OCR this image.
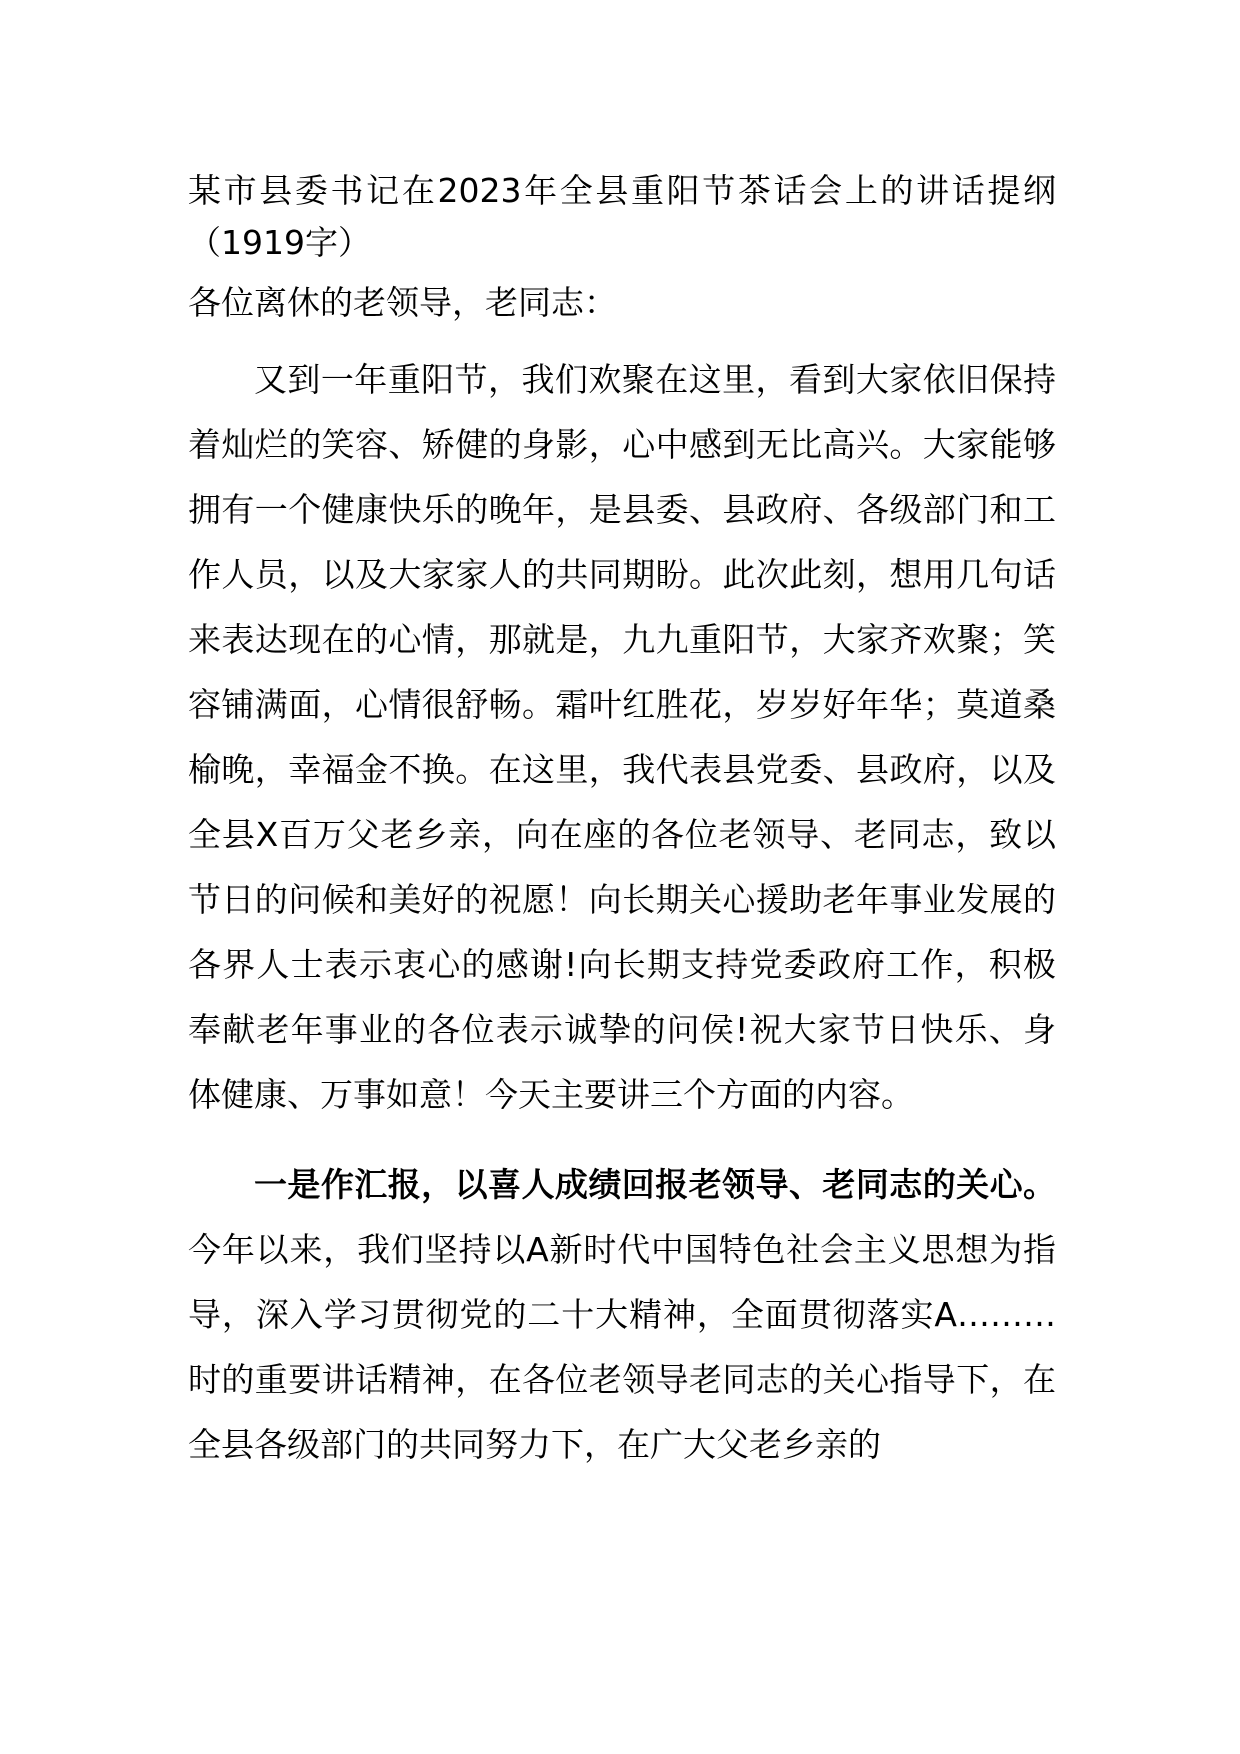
某市县委书记在2023年全县重阳节茶话会上的讲话提纲（1919字）
各位离休的老领导，老同志：

又到一年重阳节，我们欢聚在这里，看到大家依旧保持着灿烂的笑容、矫健的身影，心中感到无比高兴。大家能够拥有一个健康快乐的晚年，是县委、县政府、各级部门和工作人员，以及大家家人的共同期盼。此次此刻，想用几句话来表达现在的心情，那就是，九九重阳节，大家齐欢聚；笑容铺满面，心情很舒畅。霜叶红胜花，岁岁好年华；莫道桑榆晚，幸福金不换。在这里，我代表县党委、县政府，以及全县X百万父老乡亲，向在座的各位老领导、老同志，致以节日的问候和美好的祝愿！向长期关心援助老年事业发展的各界人士表示衷心的感谢!向长期支持党委政府工作，积极奉献老年事业的各位表示诚挚的问侯!祝大家节日快乐、身体健康、万事如意！今天主要讲三个方面的内容。

一是作汇报，以喜人成绩回报老领导、老同志的关心。今年以来，我们坚持以A新时代中国特色社会主义思想为指导，深入学习贯彻党的二十大精神，全面贯彻落实A………时的重要讲话精神，在各位老领导老同志的关心指导下，在全县各级部门的共同努力下，在广大父老乡亲的
